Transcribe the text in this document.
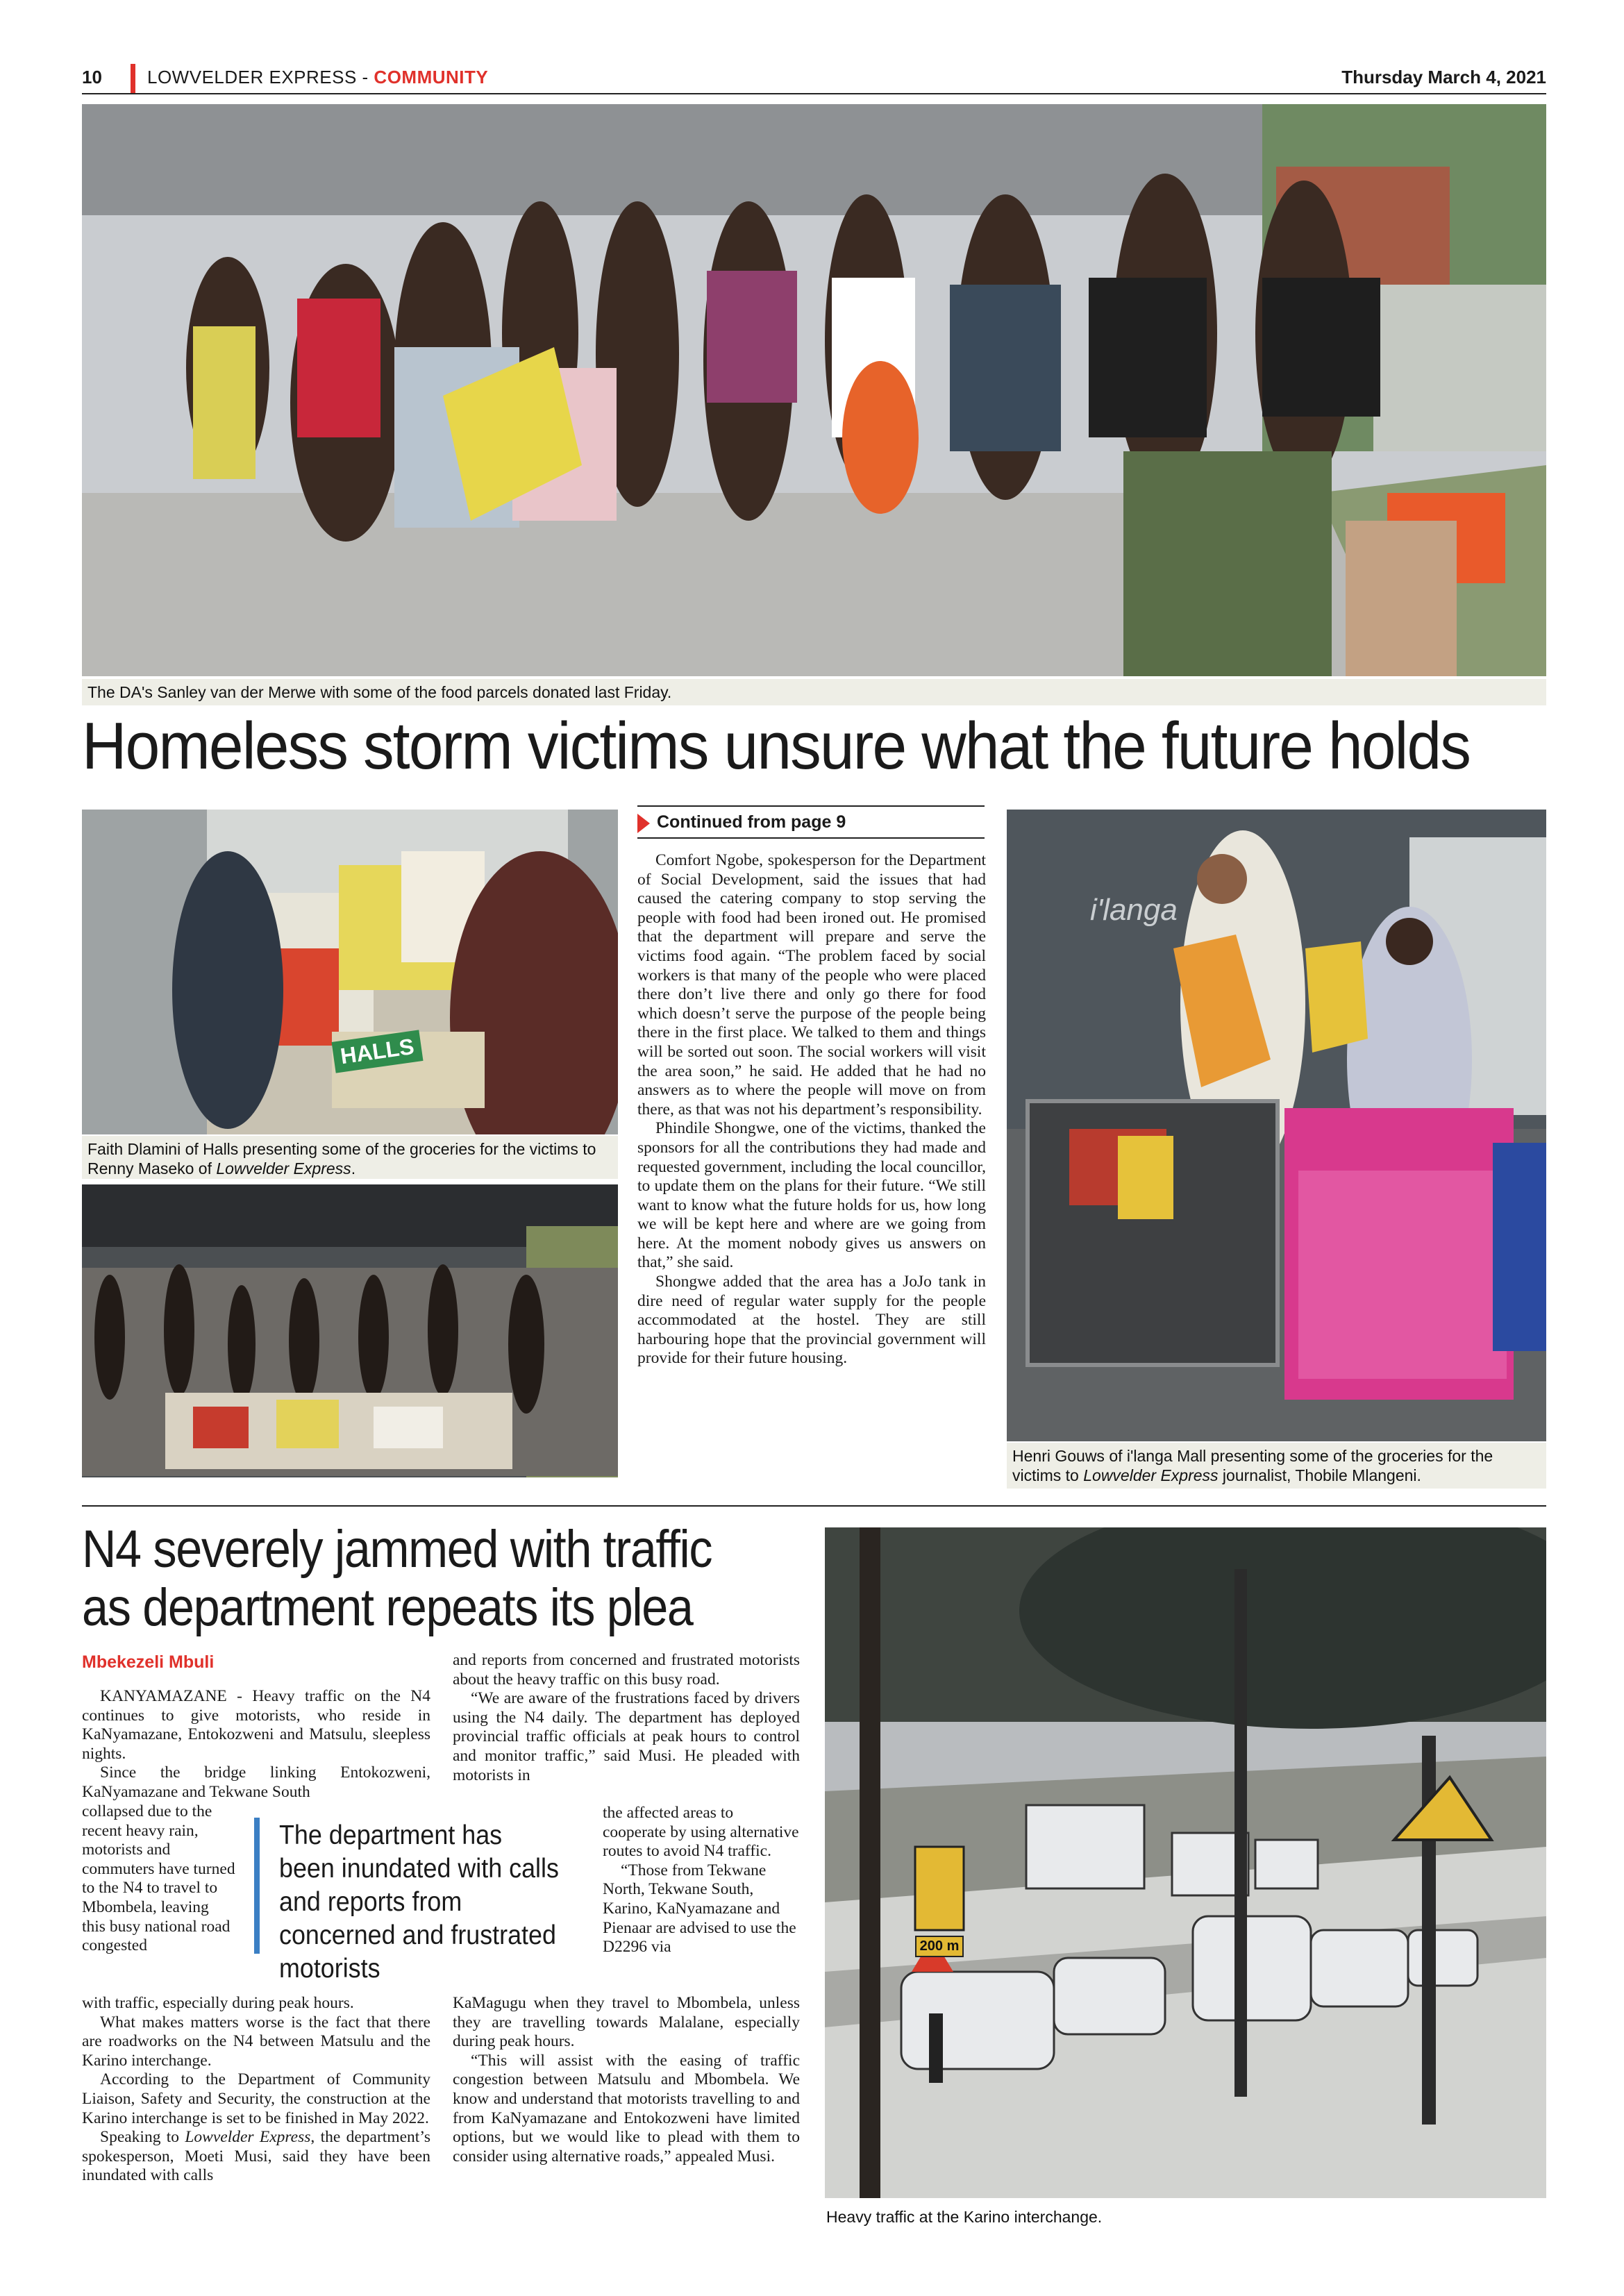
10	LOWVELDER EXPRESS - COMMUNITY	Thursday March 4, 2021
The DA's Sanley van der Merwe with some of the food parcels donated last Friday.
Homeless storm victims unsure what the future holds
HALLS
Faith Dlamini of Halls presenting some of the groceries for the victims to Renny Maseko of Lowvelder Express.
Continued from page 9

Comfort Ngobe, spokesperson for the Department of Social Development, said the issues that had caused the catering company to stop serving the people with food had been ironed out. He promised that the department will prepare and serve the victims food again. “The problem faced by social workers is that many of the people who were placed there don’t live there and only go there for food which doesn’t serve the purpose of the people being there in the first place. We talked to them and things will be sorted out soon. The social workers will visit the area soon,” he said. He added that he had no answers as to where the people will move on from there, as that was not his department’s responsibility.

Phindile Shongwe, one of the victims, thanked the sponsors for all the contributions they had made and requested government, including the local councillor, to update them on the plans for their future. “We still want to know what the future holds for us, how long we will be kept here and where are we going from here. At the moment nobody gives us answers on that,” she said.

Shongwe added that the area has a JoJo tank in dire need of regular water supply for the people accommodated at the hostel. They are still harbouring hope that the provincial government will provide for their future housing.

i'langa
Henri Gouws of i'langa Mall presenting some of the groceries for the victims to Lowvelder Express journalist, Thobile Mlangeni.
N4 severely jammed with traffic
as department repeats its plea
Mbekezeli Mbuli

KANYAMAZANE - Heavy traffic on the N4 continues to give motorists, who reside in KaNyamazane, Entokozweni and Matsulu, sleepless nights.

Since the bridge linking Entokozweni, KaNyamazane and Tekwane South

collapsed due to the recent heavy rain, motorists and commuters have turned to the N4 to travel to Mbombela, leaving this busy national road congested
with traffic, especially during peak hours.

What makes matters worse is the fact that there are roadworks on the N4 between Matsulu and the Karino interchange.

According to the Department of Community Liaison, Safety and Security, the construction at the Karino interchange is set to be finished in May 2022.

Speaking to Lowvelder Express, the department’s spokesperson, Moeti Musi, said they have been inundated with calls

and reports from concerned and frustrated motorists about the heavy traffic on this busy road.

“We are aware of the frustrations faced by drivers using the N4 daily. The department has deployed provincial traffic officials at peak hours to control and monitor traffic,” said Musi. He pleaded with motorists in

the affected areas to cooperate by using alternative routes to avoid N4 traffic.

“Those from Tekwane North, Tekwane South, Karino, KaNyamazane and Pienaar are advised to use the D2296 via

KaMagugu when they travel to Mbombela, unless they are travelling towards Malalane, especially during peak hours.

“This will assist with the easing of traffic congestion between Matsulu and Mbombela. We know and understand that motorists travelling to and from KaNyamazane and Entokozweni have limited options, but we would like to plead with them to consider using alternative roads,” appealed Musi.

The department has been inundated with calls and reports from concerned and frustrated motorists
200 m
Heavy traffic at the Karino interchange.
